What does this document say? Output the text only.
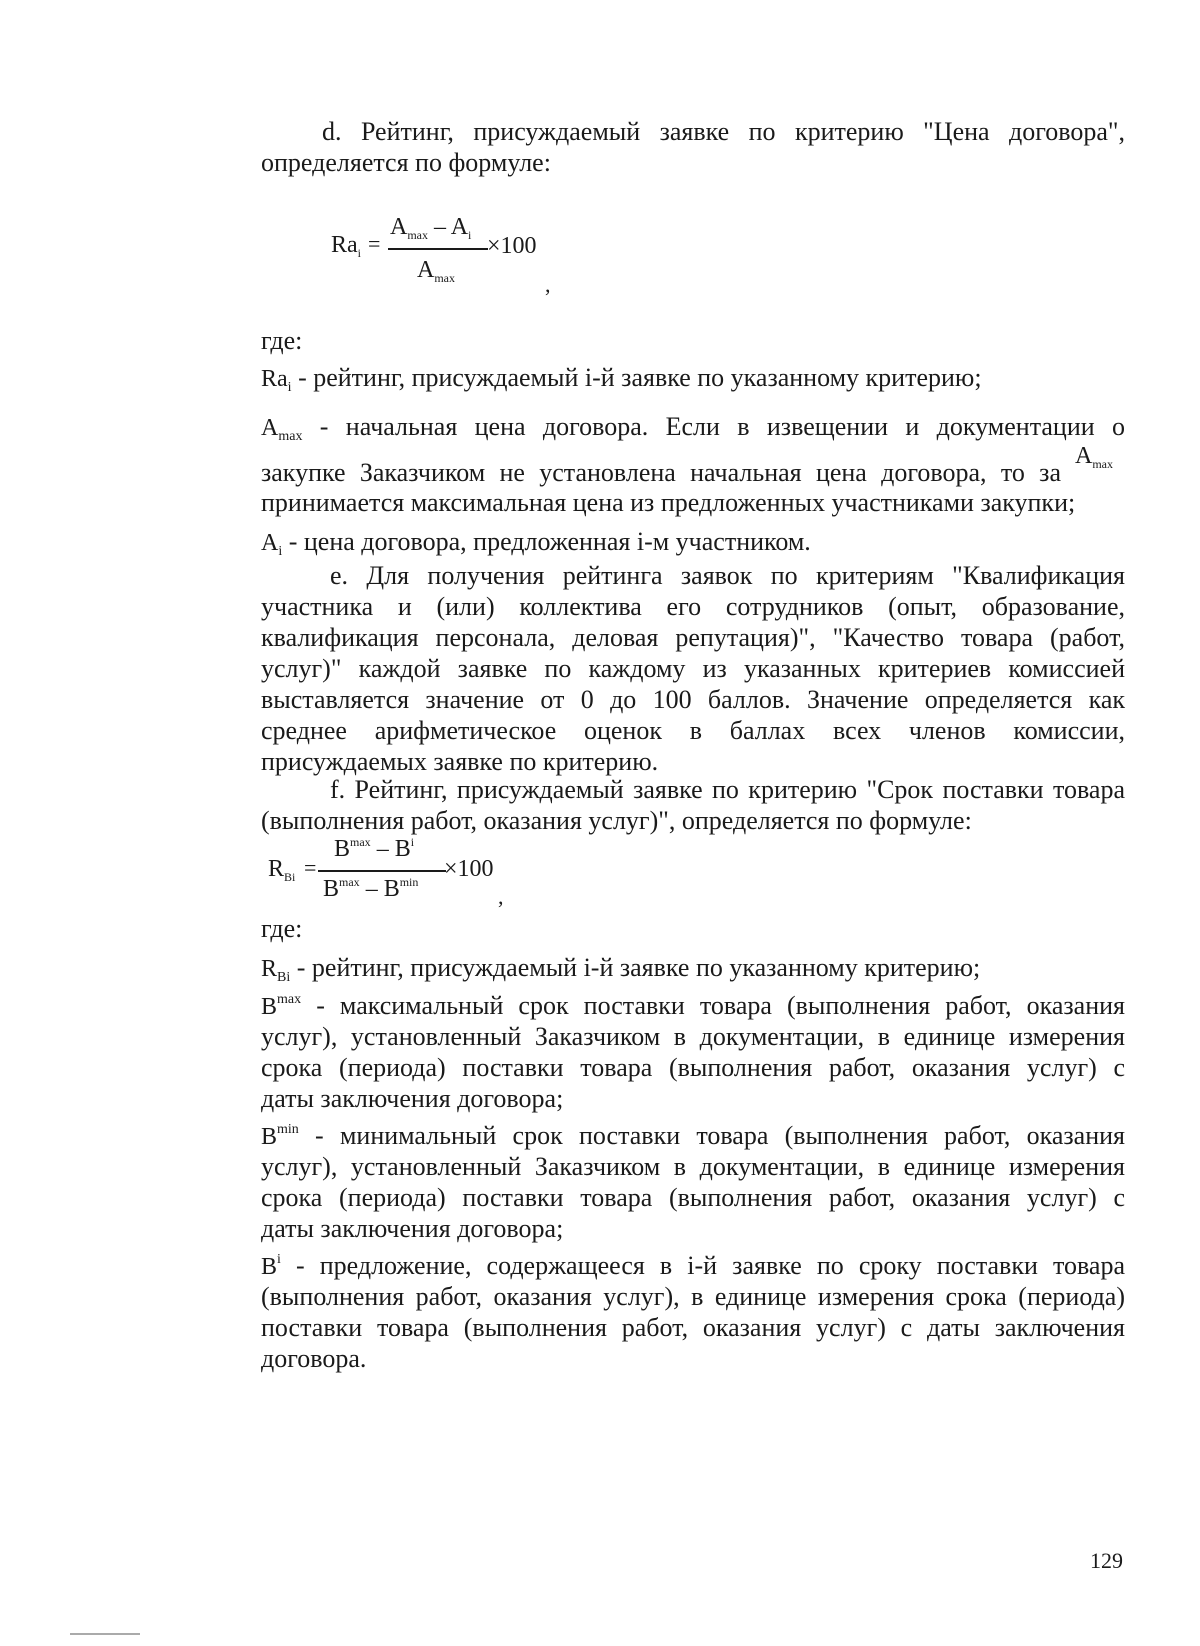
d. Рейтинг, присуждаемый заявке по критерию "Цена договора",

определяется по формуле:

$Ra_i$ =
$A_{max} - A_i \times 100$
$A_{max}$	,

где:

$Ra_i$ - рейтинг, присуждаемый i-й заявке по указанному критерию;

$A_{max}$ - начальная цена договора. Если в извещении и документации о

закупке Заказчиком не установлена начальная цена договора, то за

$A_{max}$

принимается максимальная цена из предложенных участниками закупки;

$A_i$ - цена договора, предложенная i-м участником.

e. Для получения рейтинга заявок по критериям "Квалификация

участника и (или) коллектива его сотрудников (опыт, образование,

квалификация персонала, деловая репутация)", "Качество товара (работ,

услуг)" каждой заявке по каждому из указанных критериев комиссией

выставляется значение от 0 до 100 баллов. Значение определяется как

среднее арифметическое оценок в баллах всех членов комиссии,

присуждаемых заявке по критерию.

f. Рейтинг, присуждаемый заявке по критерию "Срок поставки товара

(выполнения работ, оказания услуг)", определяется по формуле:

$R_{Bi}$ =
$B^{max} - B^i$
×100
$B^{max} - B^{min}$
,

где:

$R_{Bi}$ - рейтинг, присуждаемый i-й заявке по указанному критерию;

$B^{max}$ - максимальный срок поставки товара (выполнения работ, оказания

услуг), установленный Заказчиком в документации, в единице измерения

срока (периода) поставки товара (выполнения работ, оказания услуг) с

даты заключения договора;

$B^{min}$ - минимальный срок поставки товара (выполнения работ, оказания

услуг), установленный Заказчиком в документации, в единице измерения

срока (периода) поставки товара (выполнения работ, оказания услуг) с

даты заключения договора;

$B^i$ - предложение, содержащееся в i-й заявке по сроку поставки товара

(выполнения работ, оказания услуг), в единице измерения срока (периода)

поставки товара (выполнения работ, оказания услуг) с даты заключения

договора.

129
